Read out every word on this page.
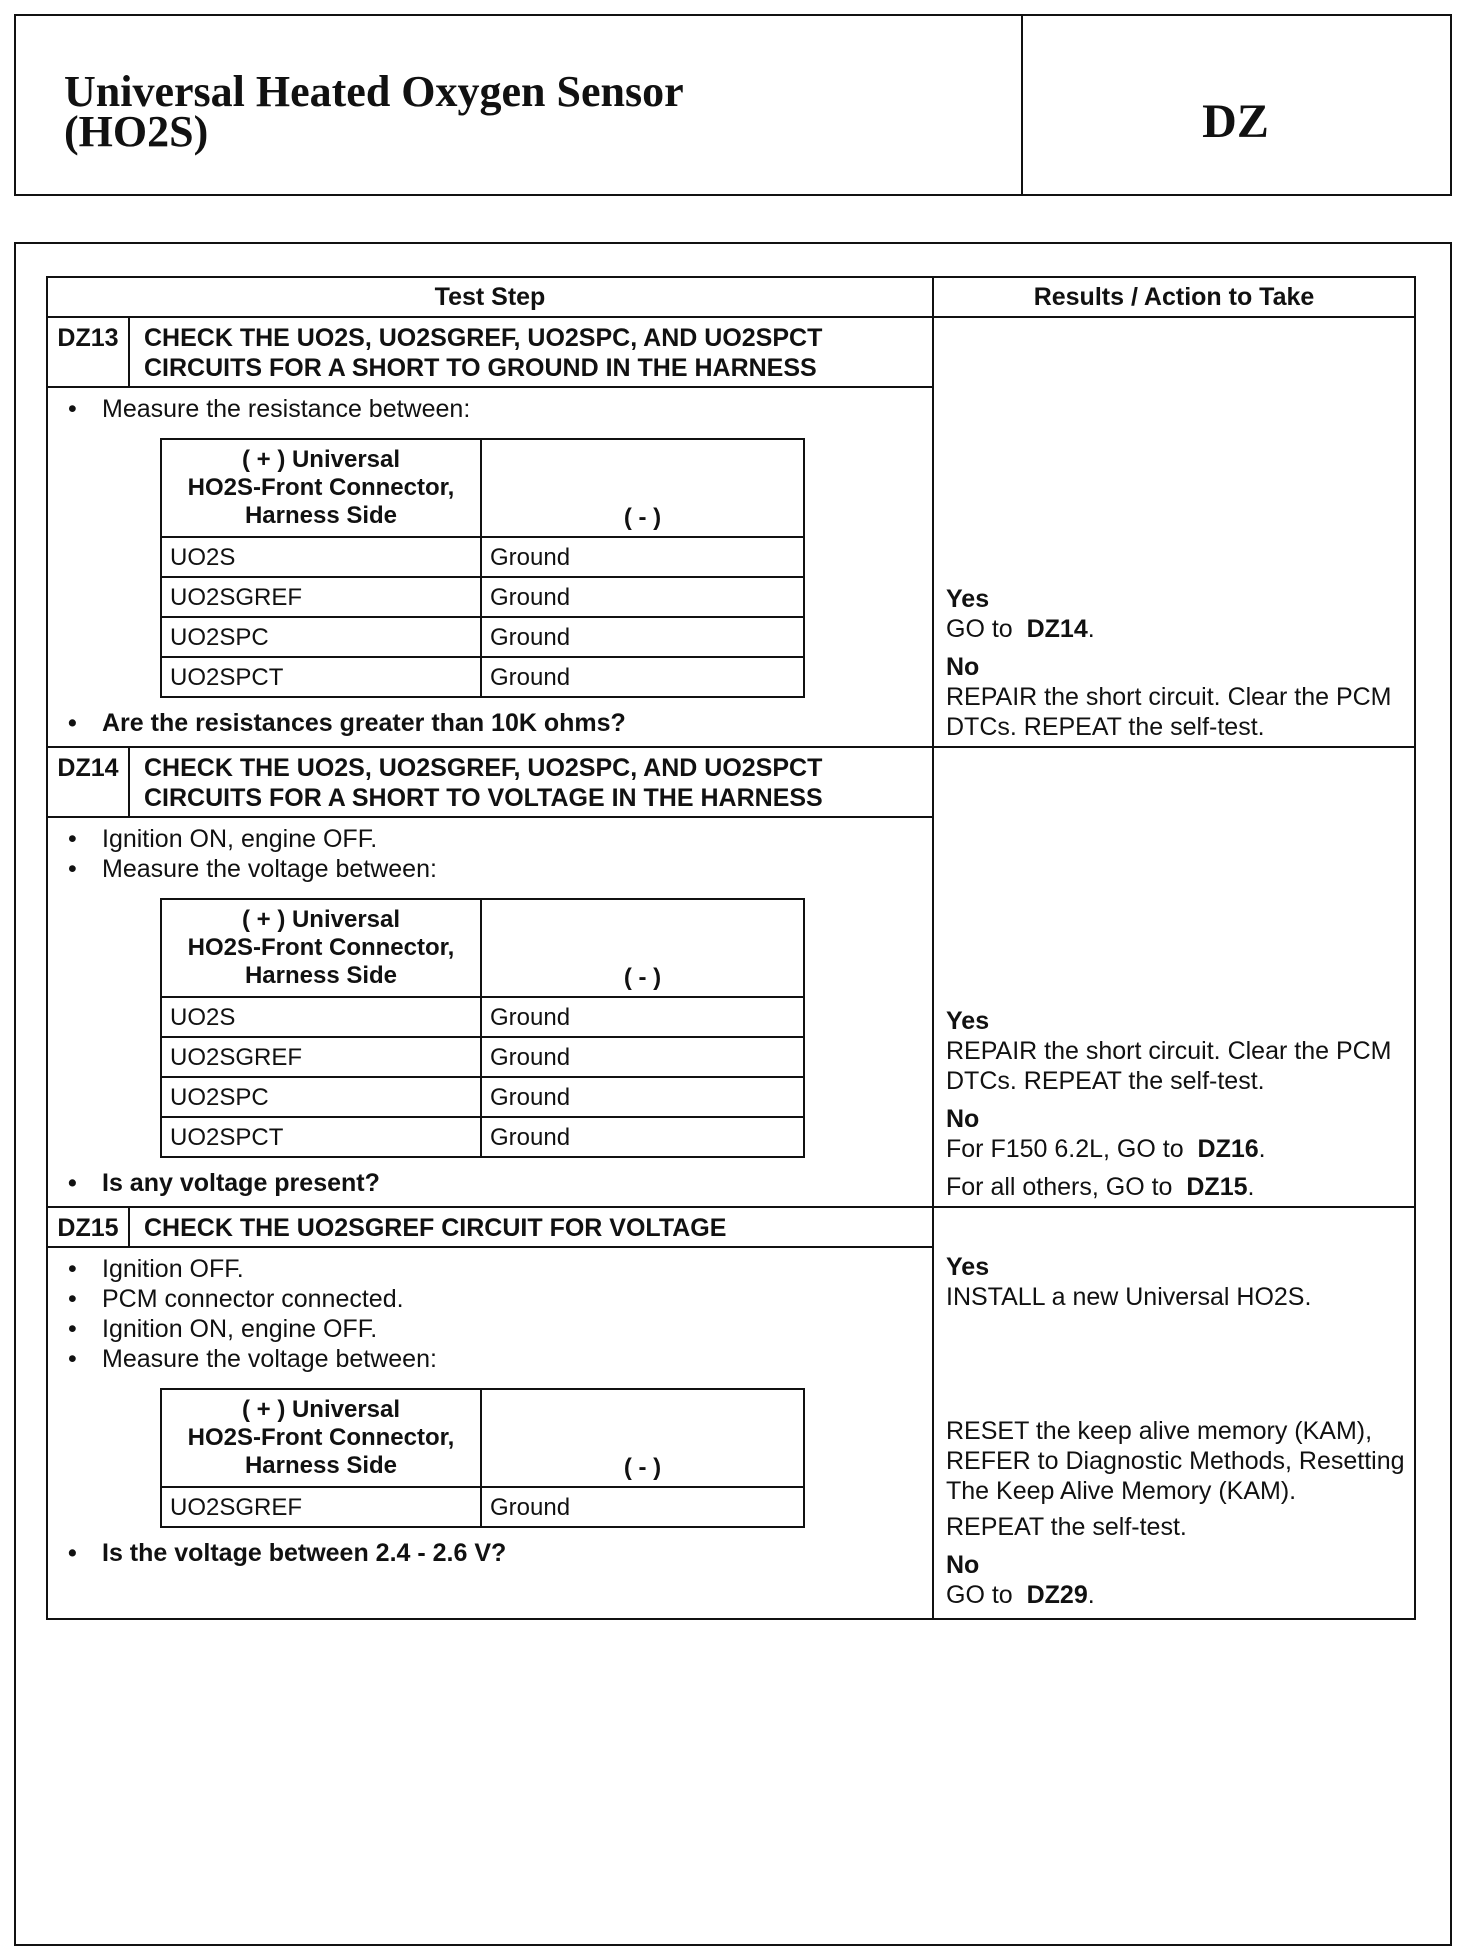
Universal Heated Oxygen Sensor
(HO2S)	DZ
Test Step	Results / Action to Take
DZ13	CHECK THE UO2S, UO2SGREF, UO2SPC, AND UO2SPCT CIRCUITS FOR A SHORT TO GROUND IN THE HARNESS	
Yes
GO to DZ14.
No
REPAIR the short circuit. Clear the PCM DTCs. REPEAT the self-test.

• Measure the resistance between:
( + ) Universal
HO2S-Front Connector,
Harness Side	( - )
UO2S	Ground
UO2SGREF	Ground
UO2SPC	Ground
UO2SPCT	Ground
• Are the resistances greater than 10K ohms?

DZ14	CHECK THE UO2S, UO2SGREF, UO2SPC, AND UO2SPCT CIRCUITS FOR A SHORT TO VOLTAGE IN THE HARNESS	
Yes
REPAIR the short circuit. Clear the PCM DTCs. REPEAT the self-test.
No
For F150 6.2L, GO to DZ16.
For all others, GO to DZ15.

• Ignition ON, engine OFF.
• Measure the voltage between:
( + ) Universal
HO2S-Front Connector,
Harness Side	( - )
UO2S	Ground
UO2SGREF	Ground
UO2SPC	Ground
UO2SPCT	Ground
• Is any voltage present?

DZ15	CHECK THE UO2SGREF CIRCUIT FOR VOLTAGE	
Yes
INSTALL a new Universal HO2S.
RESET the keep alive memory (KAM), REFER to Diagnostic Methods, Resetting The Keep Alive Memory (KAM).
REPEAT the self-test.
No
GO to DZ29.

• Ignition OFF.
• PCM connector connected.
• Ignition ON, engine OFF.
• Measure the voltage between:
( + ) Universal
HO2S-Front Connector,
Harness Side	( - )
UO2SGREF	Ground
• Is the voltage between 2.4 - 2.6 V?
